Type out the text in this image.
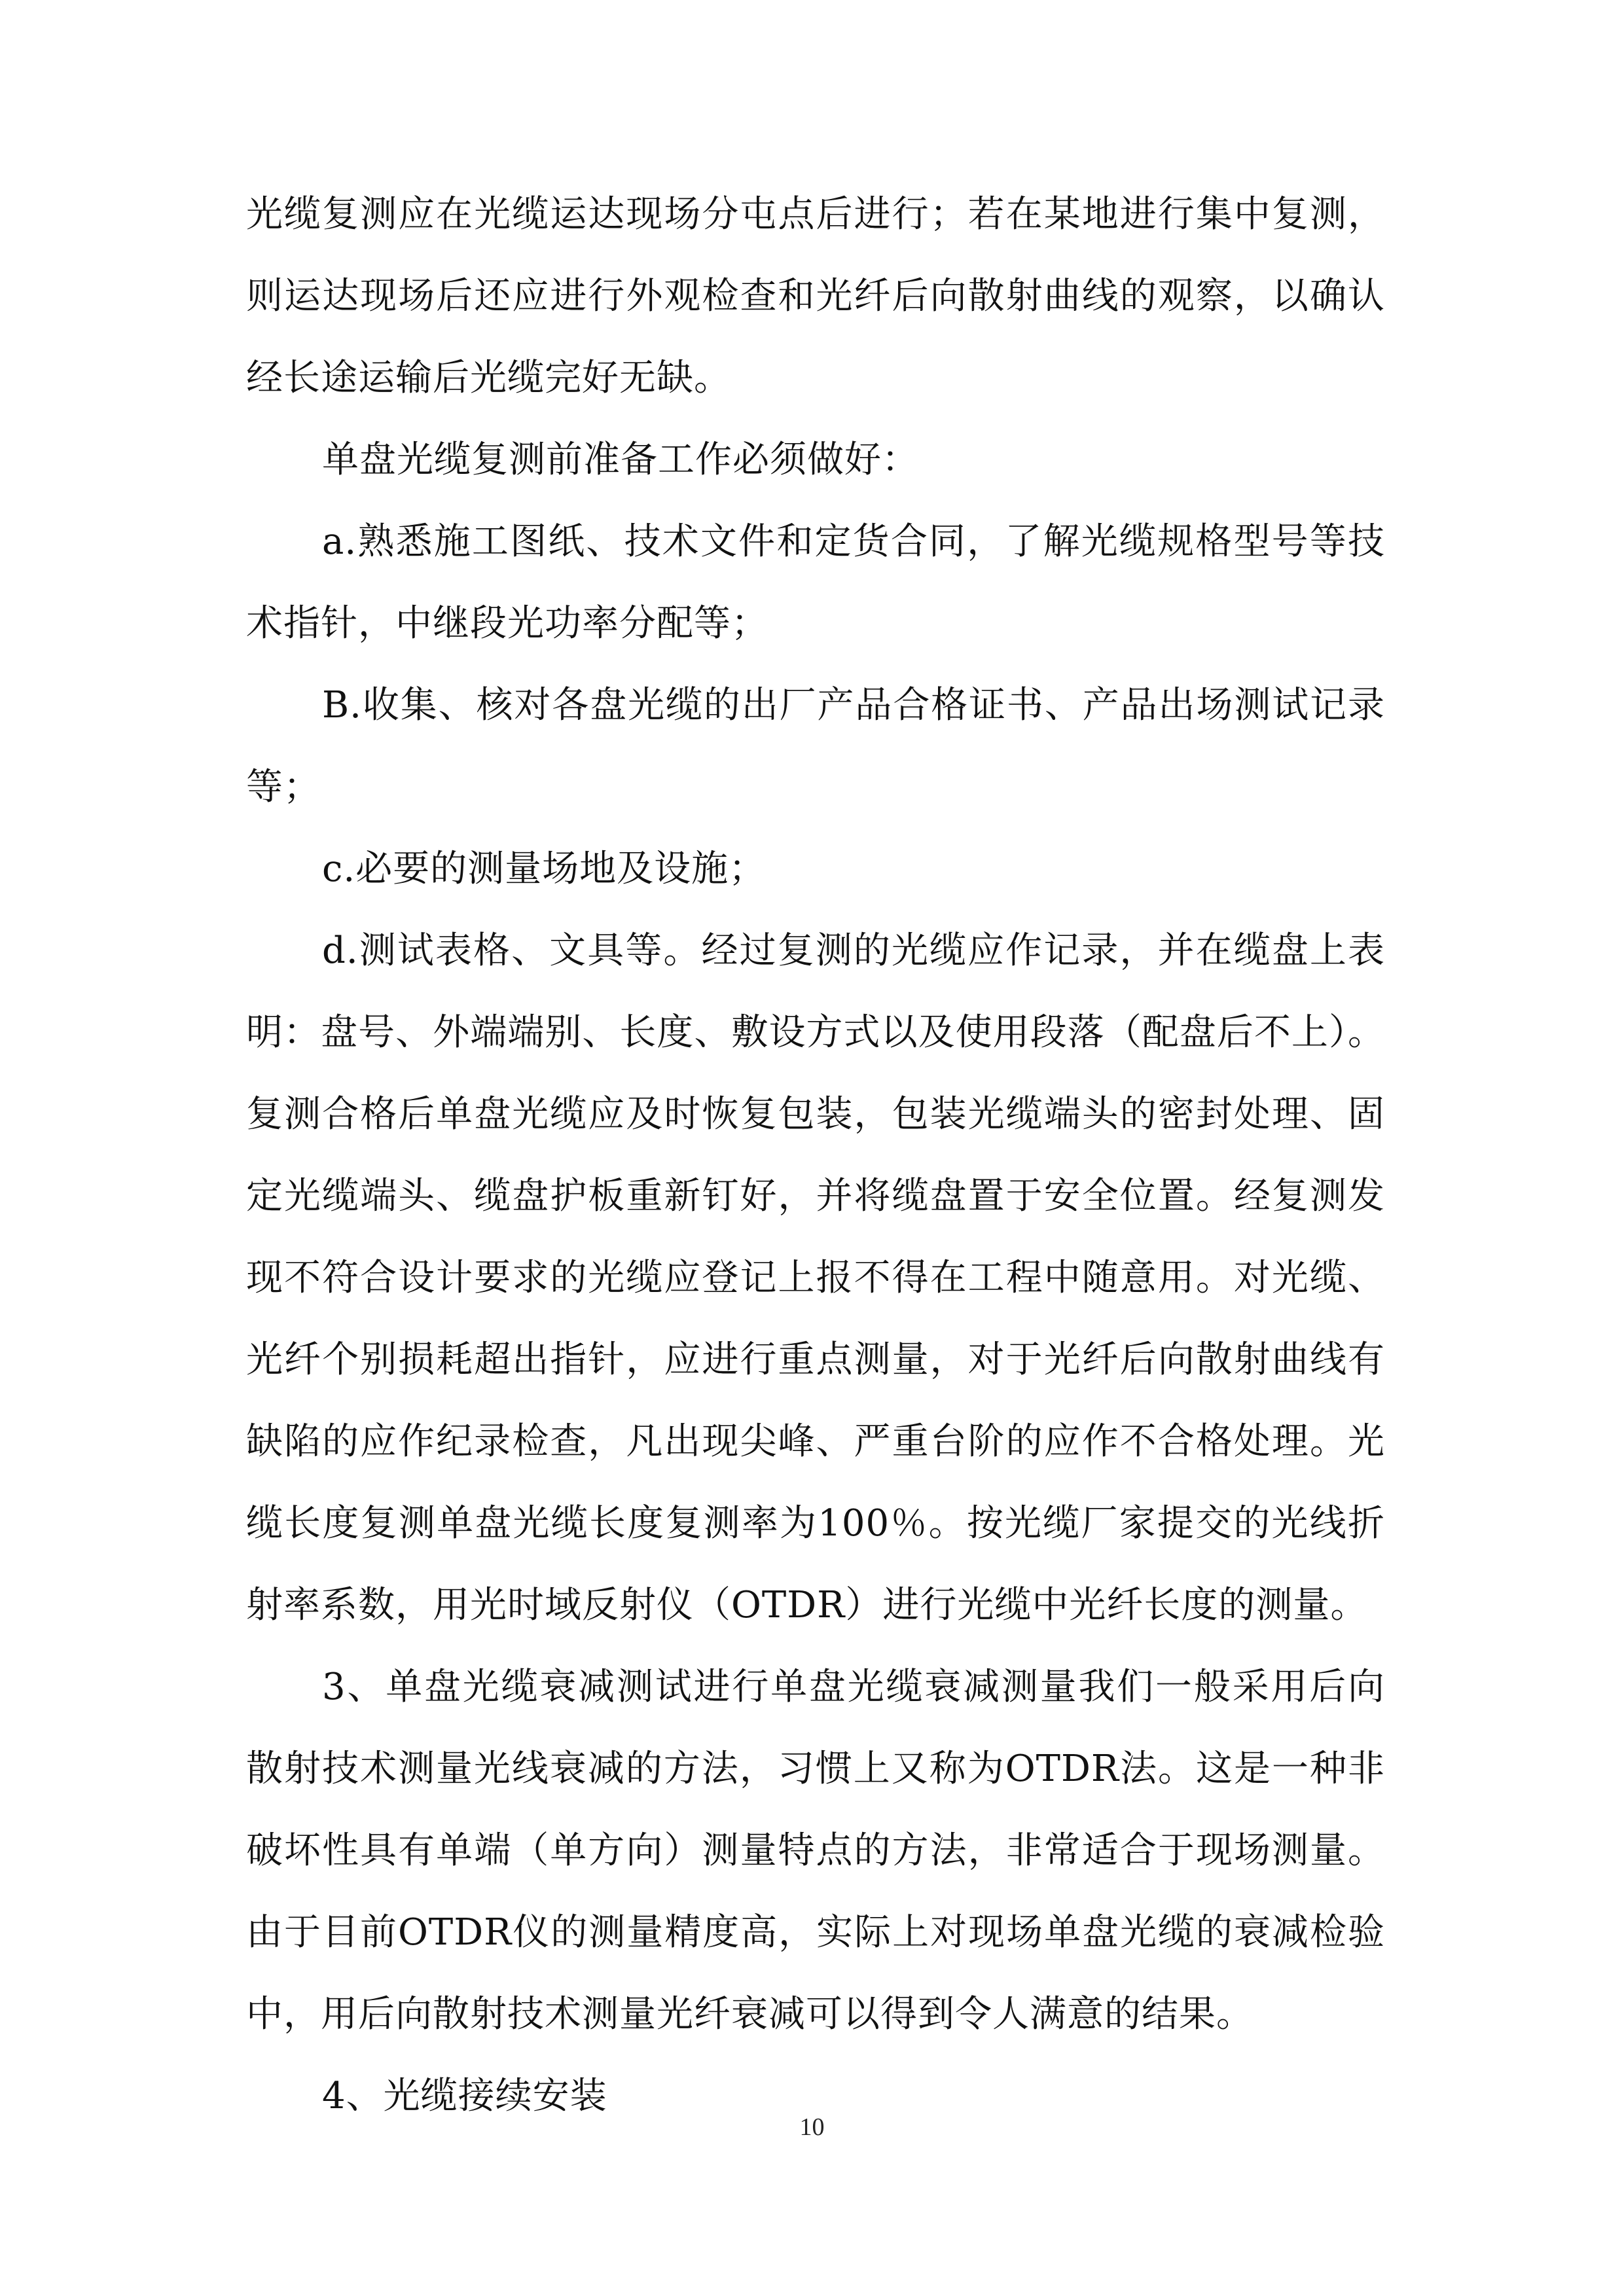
光缆复测应在光缆运达现场分屯点后进行；若在某地进行集中复测，则运达现场后还应进行外观检查和光纤后向散射曲线的观察，以确认经长途运输后光缆完好无缺。

单盘光缆复测前准备工作必须做好：

a.熟悉施工图纸、技术文件和定货合同，了解光缆规格型号等技术指针，中继段光功率分配等；

B.收集、核对各盘光缆的出厂产品合格证书、产品出场测试记录等；

c.必要的测量场地及设施；

d.测试表格、文具等。经过复测的光缆应作记录，并在缆盘上表明：盘号、外端端别、长度、敷设方式以及使用段落（配盘后不上）。复测合格后单盘光缆应及时恢复包装，包装光缆端头的密封处理、固定光缆端头、缆盘护板重新钉好，并将缆盘置于安全位置。经复测发现不符合设计要求的光缆应登记上报不得在工程中随意用。对光缆、光纤个别损耗超出指针，应进行重点测量，对于光纤后向散射曲线有缺陷的应作纪录检查，凡出现尖峰、严重台阶的应作不合格处理。光缆长度复测单盘光缆长度复测率为100％。按光缆厂家提交的光线折射率系数，用光时域反射仪（OTDR）进行光缆中光纤长度的测量。

3、单盘光缆衰减测试进行单盘光缆衰减测量我们一般采用后向散射技术测量光线衰减的方法，习惯上又称为OTDR法。这是一种非破坏性具有单端（单方向）测量特点的方法，非常适合于现场测量。由于目前OTDR仪的测量精度高，实际上对现场单盘光缆的衰减检验中，用后向散射技术测量光纤衰减可以得到令人满意的结果。

4、光缆接续安装

10
